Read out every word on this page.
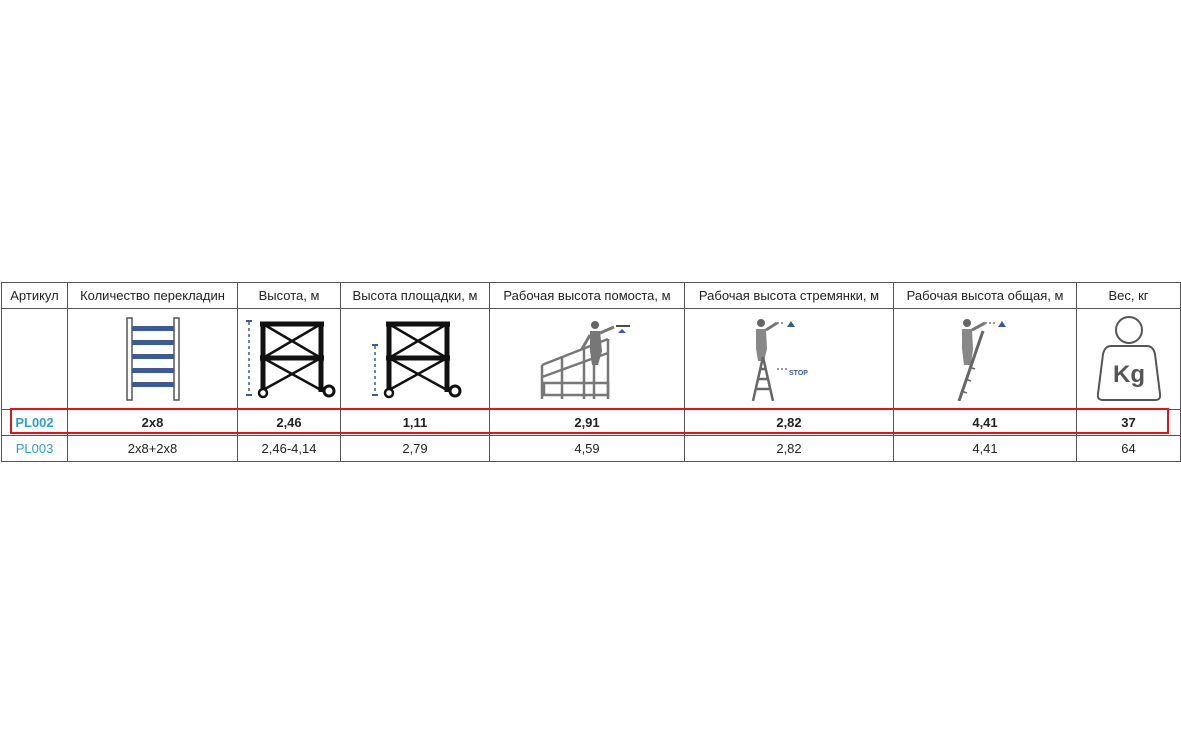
Артикул	Количество перекладин	Высота, м	Высота площадки, м	Рабочая высота помоста, м	Рабочая высота стремянки, м	Рабочая высота общая, м	Вес, кг

STOP		Kg

PL002	2x8	2,46	1,11	2,91	2,82	4,41	37
PL003	2x8+2x8	2,46-4,14	2,79	4,59	2,82	4,41	64
